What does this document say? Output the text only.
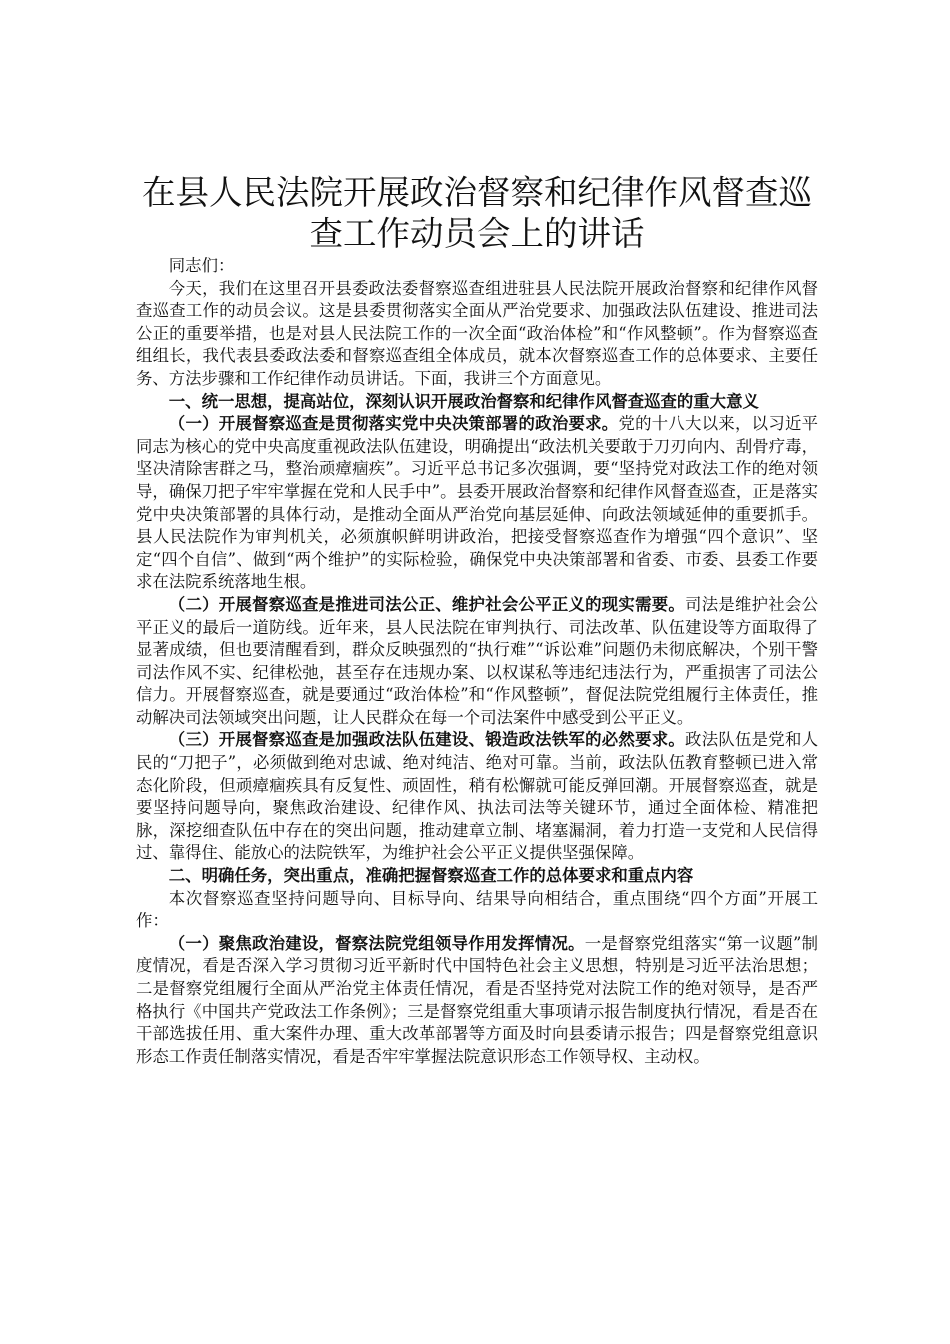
在县人民法院开展政治督察和纪律作风督查巡查工作动员会上的讲话

同志们：

今天，我们在这里召开县委政法委督察巡查组进驻县人民法院开展政治督察和纪律作风督查巡查工作的动员会议。这是县委贯彻落实全面从严治党要求、加强政法队伍建设、推进司法公正的重要举措，也是对县人民法院工作的一次全面“政治体检”和“作风整顿”。作为督察巡查组组长，我代表县委政法委和督察巡查组全体成员，就本次督察巡查工作的总体要求、主要任务、方法步骤和工作纪律作动员讲话。下面，我讲三个方面意见。

一、统一思想，提高站位，深刻认识开展政治督察和纪律作风督查巡查的重大意义

（一）开展督察巡查是贯彻落实党中央决策部署的政治要求。党的十八大以来，以习近平同志为核心的党中央高度重视政法队伍建设，明确提出“政法机关要敢于刀刃向内、刮骨疗毒，坚决清除害群之马，整治顽瘴痼疾”。习近平总书记多次强调，要“坚持党对政法工作的绝对领导，确保刀把子牢牢掌握在党和人民手中”。县委开展政治督察和纪律作风督查巡查，正是落实党中央决策部署的具体行动，是推动全面从严治党向基层延伸、向政法领域延伸的重要抓手。县人民法院作为审判机关，必须旗帜鲜明讲政治，把接受督察巡查作为增强“四个意识”、坚定“四个自信”、做到“两个维护”的实际检验，确保党中央决策部署和省委、市委、县委工作要求在法院系统落地生根。

（二）开展督察巡查是推进司法公正、维护社会公平正义的现实需要。司法是维护社会公平正义的最后一道防线。近年来，县人民法院在审判执行、司法改革、队伍建设等方面取得了显著成绩，但也要清醒看到，群众反映强烈的“执行难”“诉讼难”问题仍未彻底解决，个别干警司法作风不实、纪律松弛，甚至存在违规办案、以权谋私等违纪违法行为，严重损害了司法公信力。开展督察巡查，就是要通过“政治体检”和“作风整顿”，督促法院党组履行主体责任，推动解决司法领域突出问题，让人民群众在每一个司法案件中感受到公平正义。

（三）开展督察巡查是加强政法队伍建设、锻造政法铁军的必然要求。政法队伍是党和人民的“刀把子”，必须做到绝对忠诚、绝对纯洁、绝对可靠。当前，政法队伍教育整顿已进入常态化阶段，但顽瘴痼疾具有反复性、顽固性，稍有松懈就可能反弹回潮。开展督察巡查，就是要坚持问题导向，聚焦政治建设、纪律作风、执法司法等关键环节，通过全面体检、精准把脉，深挖细查队伍中存在的突出问题，推动建章立制、堵塞漏洞，着力打造一支党和人民信得过、靠得住、能放心的法院铁军，为维护社会公平正义提供坚强保障。

二、明确任务，突出重点，准确把握督察巡查工作的总体要求和重点内容

本次督察巡查坚持问题导向、目标导向、结果导向相结合，重点围绕“四个方面”开展工作：

（一）聚焦政治建设，督察法院党组领导作用发挥情况。一是督察党组落实“第一议题”制度情况，看是否深入学习贯彻习近平新时代中国特色社会主义思想，特别是习近平法治思想；二是督察党组履行全面从严治党主体责任情况，看是否坚持党对法院工作的绝对领导，是否严格执行《中国共产党政法工作条例》；三是督察党组重大事项请示报告制度执行情况，看是否在干部选拔任用、重大案件办理、重大改革部署等方面及时向县委请示报告；四是督察党组意识形态工作责任制落实情况，看是否牢牢掌握法院意识形态工作领导权、主动权。
